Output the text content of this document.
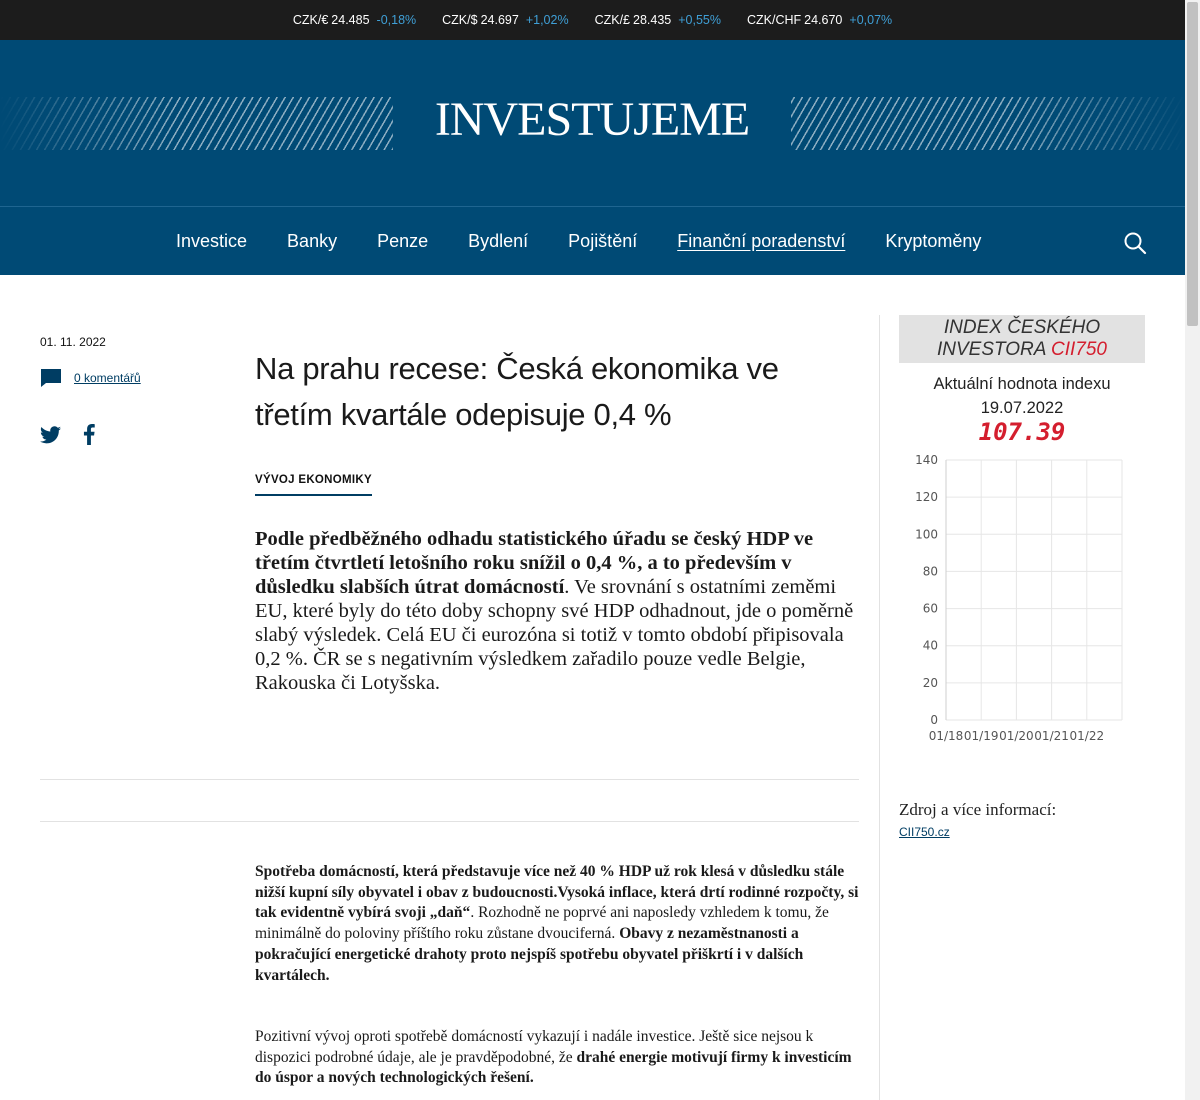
CZK/€ 24.485 -0,18% CZK/$ 24.697 +1,02% CZK/£ 28.435 +0,55% CZK/CHF 24.670 +0,07%
INVESTUJEME
Investice Banky Penze Bydlení Pojištění Finanční poradenství Kryptoměny
01. 11. 2022
0 komentářů	Na prahu recese: Česká ekonomika ve třetím kvartále odepisuje 0,4 %
VÝVOJ EKONOMIKY

Podle předběžného odhadu statistického úřadu se český HDP ve třetím čtvrtletí letošního roku snížil o 0,4 %, a to především v důsledku slabších útrat domácností. Ve srovnání s ostatními zeměmi EU, které byly do této doby schopny své HDP odhadnout, jde o poměrně slabý výsledek. Celá EU či eurozóna si totiž v tomto období připisovala 0,2 %. ČR se s negativním výsledkem zařadilo pouze vedle Belgie, Rakouska či Lotyšska.

Spotřeba domácností, která představuje více než 40 % HDP už rok klesá v důsledku stále nižší kupní síly obyvatel i obav z budoucnosti.Vysoká inflace, která drtí rodinné rozpočty, si tak evidentně vybírá svoji „daň“. Rozhodně ne poprvé ani naposledy vzhledem k tomu, že minimálně do poloviny příštího roku zůstane dvouciferná. Obavy z nezaměstnanosti a pokračující energetické drahoty proto nejspíš spotřebu obyvatel přiškrtí i v dalších kvartálech.

Pozitivní vývoj oproti spotřebě domácností vykazují i nadále investice. Ještě sice nejsou k dispozici podrobné údaje, ale je pravděpodobné, že drahé energie motivují firmy k investicím do úspor a nových technologických řešení.

INDEX ČESKÉHO
INVESTORA CII750
Aktuální hodnota indexu
19.07.2022
107.39
0
20
40
60
80
100
120
140
01/18 01/19 01/20 01/21 01/22
Zdroj a více informací:
CII750.cz
